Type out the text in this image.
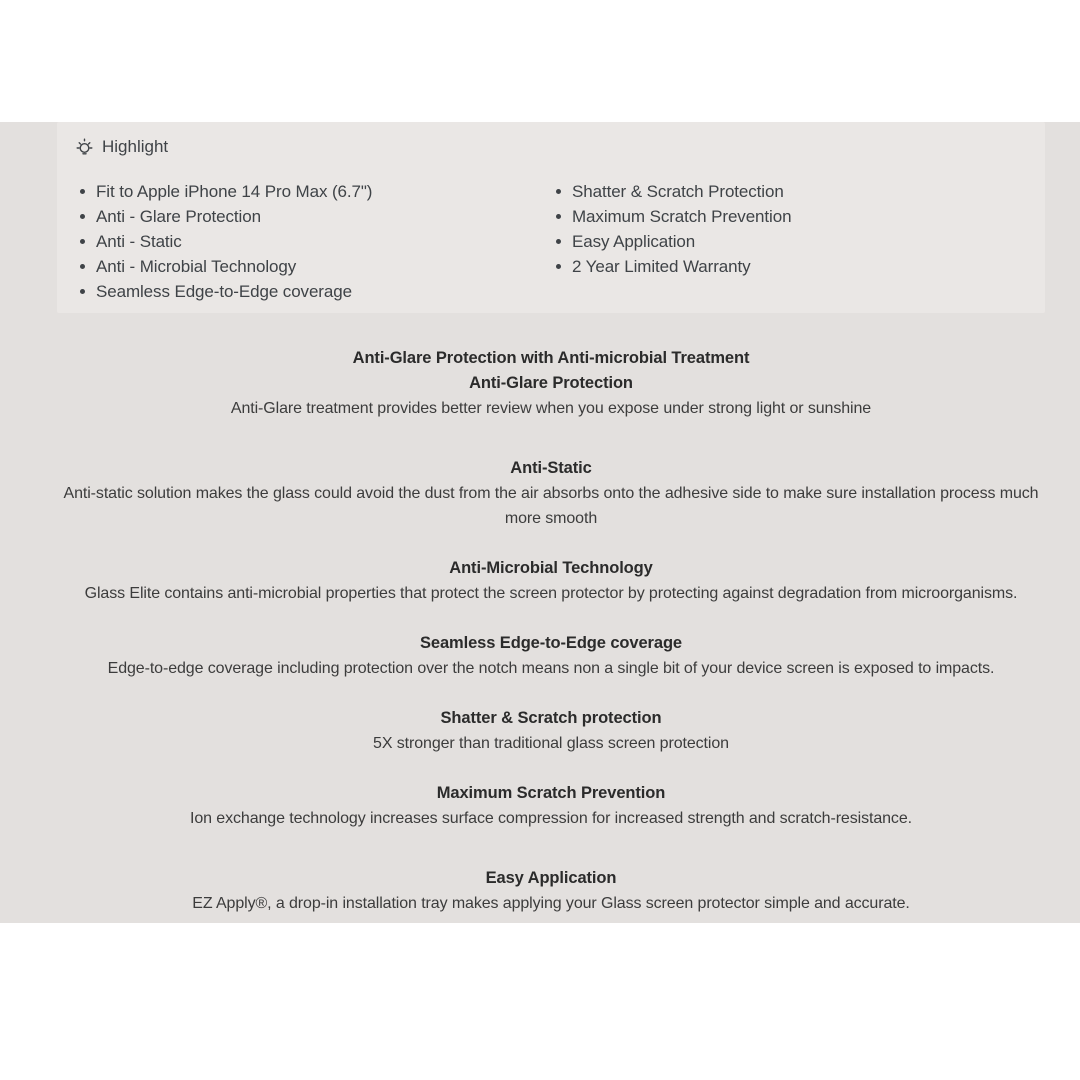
Highlight
Fit to Apple iPhone 14 Pro Max (6.7")
Anti - Glare Protection
Anti - Static
Anti - Microbial Technology
Seamless Edge-to-Edge coverage
Shatter & Scratch Protection
Maximum Scratch Prevention
Easy Application
2 Year Limited Warranty
Anti-Glare Protection with Anti-microbial Treatment
Anti-Glare Protection

Anti-Glare treatment provides better review when you expose under strong light or sunshine

Anti-Static

Anti-static solution makes the glass could avoid the dust from the air absorbs onto the adhesive side to make sure installation process much more smooth

Anti-Microbial Technology

Glass Elite contains anti-microbial properties that protect the screen protector by protecting against degradation from microorganisms.

Seamless Edge-to-Edge coverage

Edge-to-edge coverage including protection over the notch means non a single bit of your device screen is exposed to impacts.

Shatter & Scratch protection

5X stronger than traditional glass screen protection

Maximum Scratch Prevention

Ion exchange technology increases surface compression for increased strength and scratch-resistance.

Easy Application

EZ Apply®, a drop-in installation tray makes applying your Glass screen protector simple and accurate.
